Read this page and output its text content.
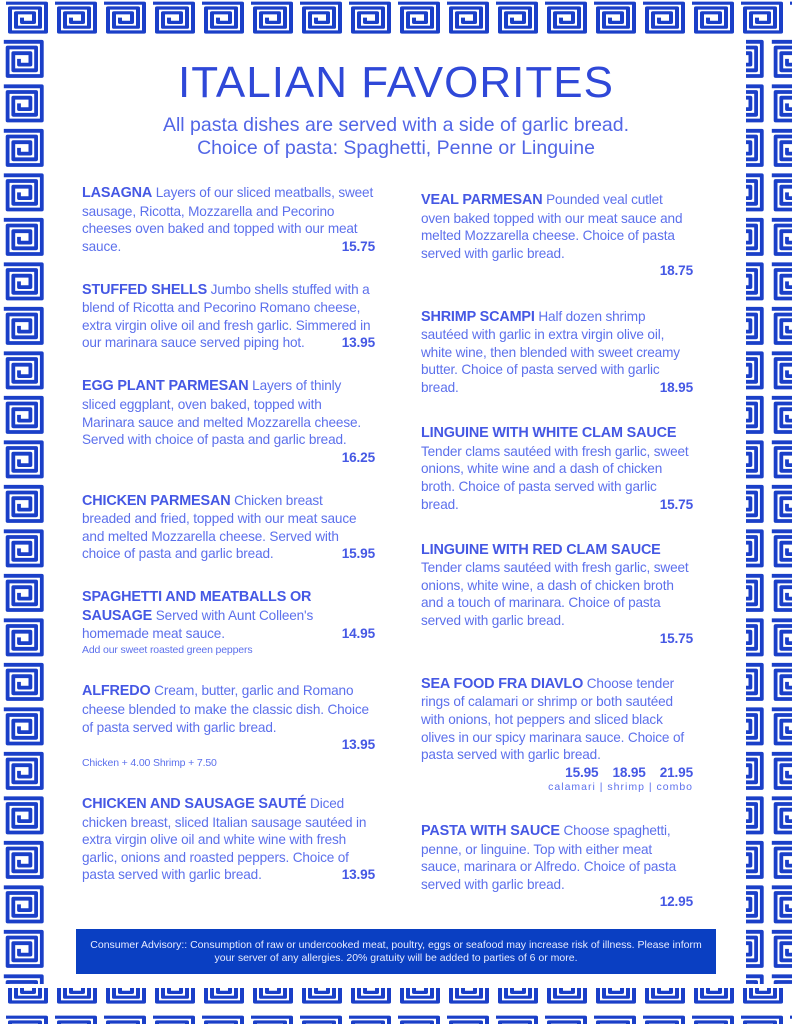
ITALIAN FAVORITES
All pasta dishes are served with a side of garlic bread.
Choice of pasta: Spaghetti, Penne or Linguine
LASAGNA Layers of our sliced meatballs, sweet sausage, Ricotta, Mozzarella and Pecorino cheeses oven baked and topped with our meat sauce.	15.75
STUFFED SHELLS Jumbo shells stuffed with a blend of Ricotta and Pecorino Romano cheese, extra virgin olive oil and fresh garlic. Simmered in our marinara sauce served piping hot.	13.95
EGG PLANT PARMESAN Layers of thinly sliced eggplant, oven baked, topped with Marinara sauce and melted Mozzarella cheese. Served with choice of pasta and garlic bread.
16.25
CHICKEN PARMESAN Chicken breast breaded and fried, topped with our meat sauce and melted Mozzarella cheese. Served with choice of pasta and garlic bread.	15.95
SPAGHETTI AND MEATBALLS OR SAUSAGE Served with Aunt Colleen's homemade meat sauce.	14.95
Add our sweet roasted green peppers
ALFREDO Cream, butter, garlic and Romano cheese blended to make the classic dish. Choice of pasta served with garlic bread.
13.95
Chicken + 4.00 Shrimp + 7.50
CHICKEN AND SAUSAGE SAUTÉ Diced chicken breast, sliced Italian sausage sautéed in extra virgin olive oil and white wine with fresh garlic, onions and roasted peppers. Choice of pasta served with garlic bread.	13.95
VEAL PARMESAN Pounded veal cutlet oven baked topped with our meat sauce and melted Mozzarella cheese. Choice of pasta served with garlic bread.
18.75
SHRIMP SCAMPI Half dozen shrimp sautéed with garlic in extra virgin olive oil, white wine, then blended with sweet creamy butter. Choice of pasta served with garlic bread.	18.95
LINGUINE WITH WHITE CLAM SAUCE Tender clams sautéed with fresh garlic, sweet onions, white wine and a dash of chicken broth. Choice of pasta served with garlic bread.	15.75
LINGUINE WITH RED CLAM SAUCE Tender clams sautéed with fresh garlic, sweet onions, white wine, a dash of chicken broth and a touch of marinara. Choice of pasta served with garlic bread.
15.75
SEA FOOD FRA DIAVLO Choose tender rings of calamari or shrimp or both sautéed with onions, hot peppers and sliced black olives in our spicy marinara sauce. Choice of pasta served with garlic bread.
15.95 18.95 21.95
calamari | shrimp | combo
PASTA WITH SAUCE Choose spaghetti, penne, or linguine. Top with either meat sauce, marinara or Alfredo. Choice of pasta served with garlic bread.
12.95
Consumer Advisory:: Consumption of raw or undercooked meat, poultry, eggs or seafood may increase risk of illness. Please inform your server of any allergies. 20% gratuity will be added to parties of 6 or more.
